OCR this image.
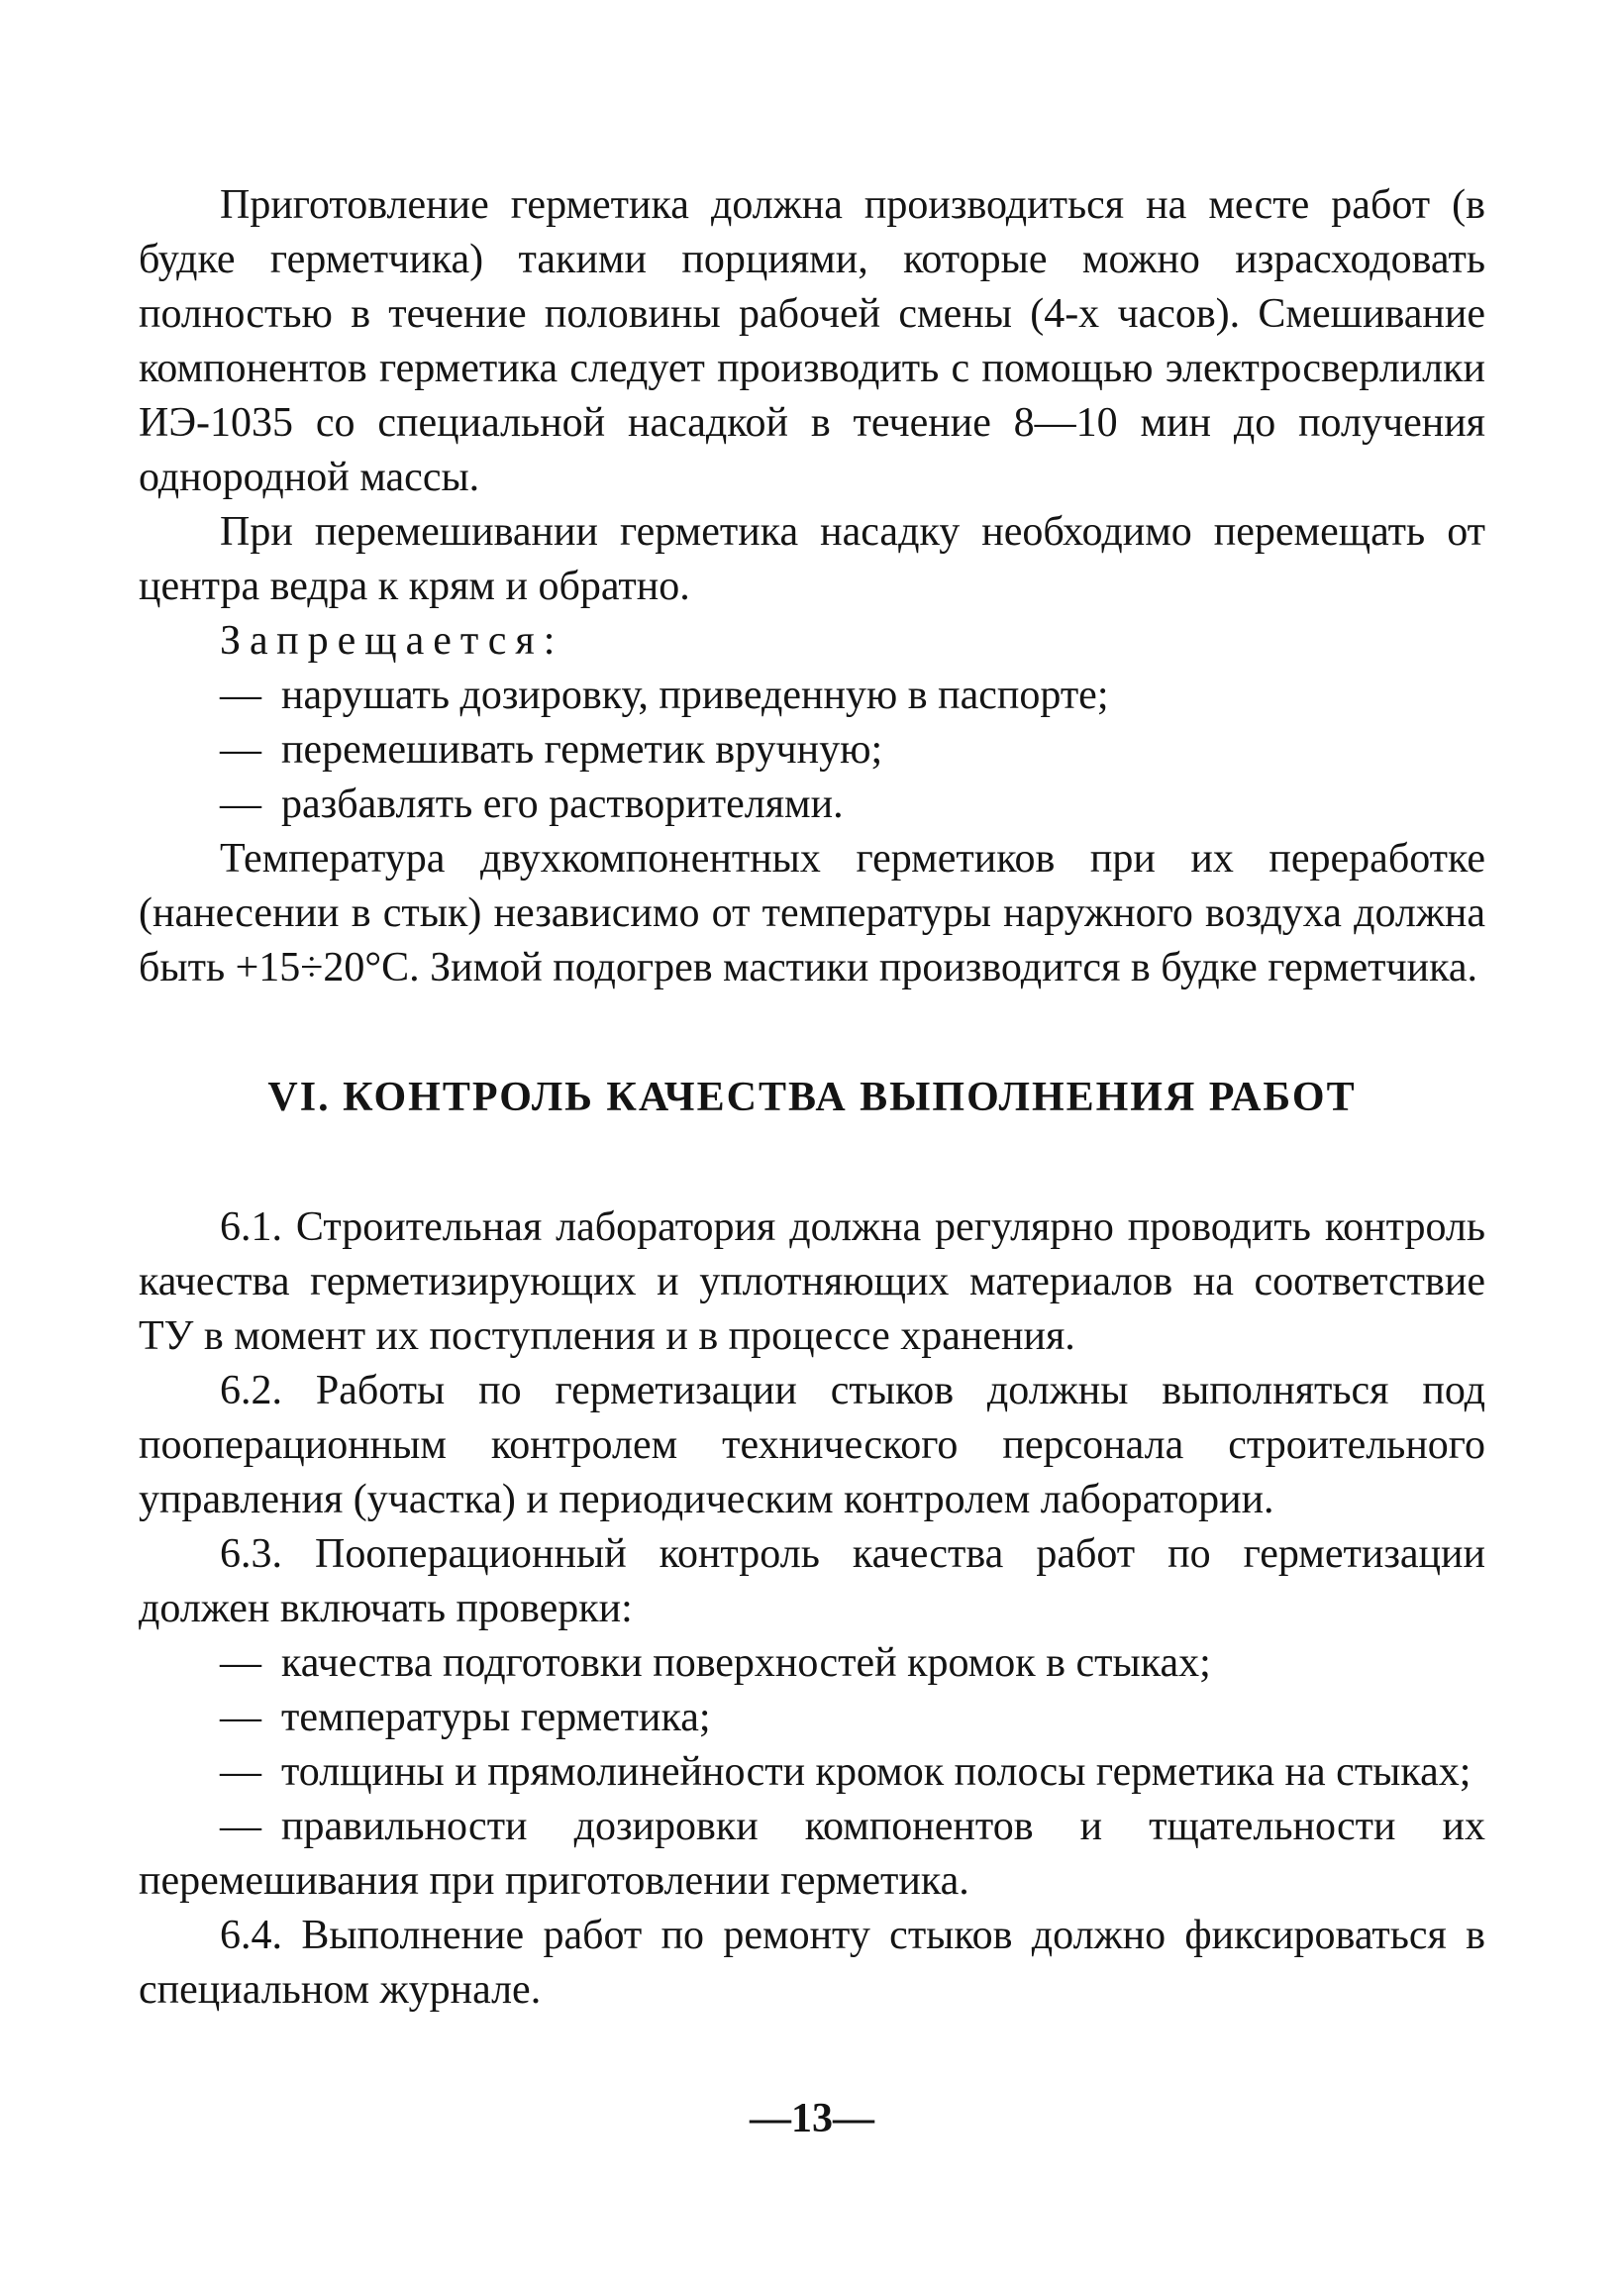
Приготовление герметика должна производиться на месте работ (в будке герметчика) такими порциями, которые можно израсходовать полностью в течение половины рабочей смены (4-х часов). Смешивание компонентов герметика следует производить с помощью электросверлилки ИЭ-1035 со специальной насадкой в течение 8—10 мин до получения однородной массы.

При перемешивании герметика насадку необходимо перемещать от центра ведра к крям и обратно.

Запрещается:

— нарушать дозировку, приведенную в паспорте;
— перемешивать герметик вручную;
— разбавлять его растворителями.

Температура двухкомпонентных герметиков при их переработке (нанесении в стык) независимо от температуры наружного воздуха должна быть +15÷20°С. Зимой подогрев мастики производится в будке герметчика.

VI. КОНТРОЛЬ КАЧЕСТВА ВЫПОЛНЕНИЯ РАБОТ

6.1. Строительная лаборатория должна регулярно проводить контроль качества герметизирующих и уплотняющих материалов на соответствие ТУ в момент их поступления и в процессе хранения.

6.2. Работы по герметизации стыков должны выполняться под пооперационным контролем технического персонала строительного управления (участка) и периодическим контролем лаборатории.

6.3. Пооперационный контроль качества работ по герметизации должен включать проверки:

— качества подготовки поверхностей кромок в стыках;
— температуры герметика;
— толщины и прямолинейности кромок полосы герметика на стыках;
— правильности дозировки компонентов и тщательности их перемешивания при приготовлении герметика.

6.4. Выполнение работ по ремонту стыков должно фиксироваться в специальном журнале.

—13—
